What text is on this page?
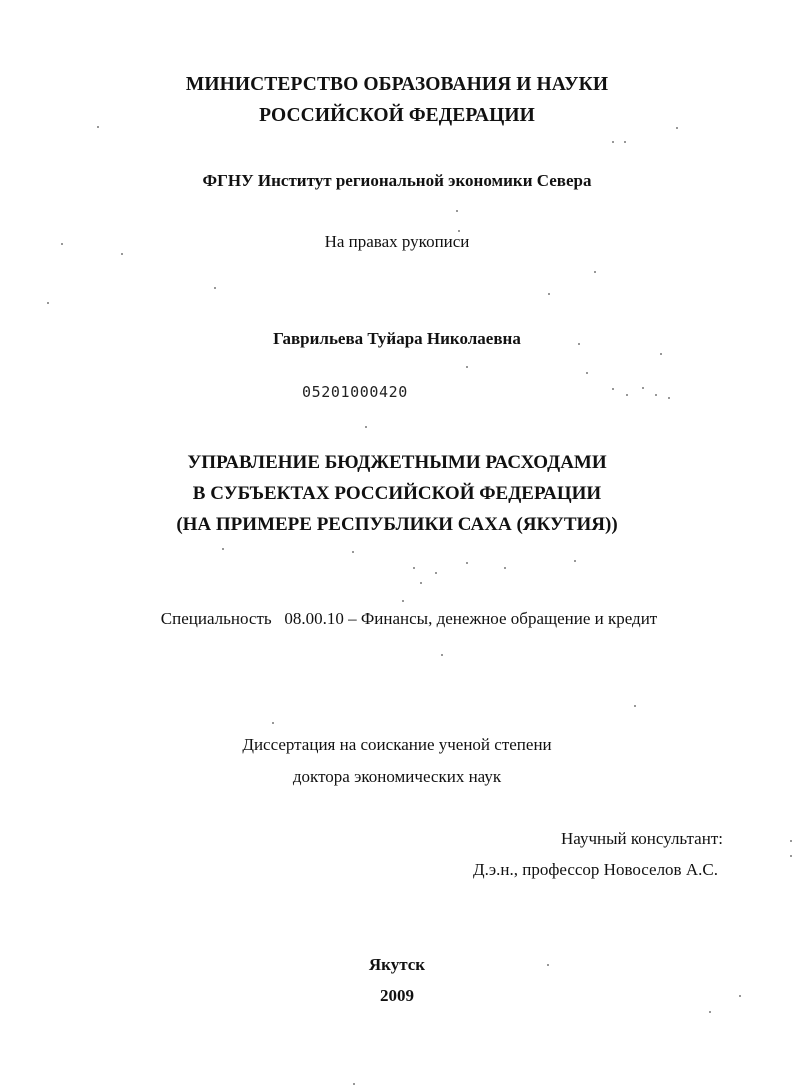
МИНИСТЕРСТВО ОБРАЗОВАНИЯ И НАУКИ
РОССИЙСКОЙ ФЕДЕРАЦИИ
ФГНУ Институт региональной экономики Севера
На правах рукописи
Гаврильева Туйара Николаевна
05201000420
УПРАВЛЕНИЕ БЮДЖЕТНЫМИ РАСХОДАМИ
В СУБЪЕКТАХ РОССИЙСКОЙ ФЕДЕРАЦИИ
(НА ПРИМЕРЕ РЕСПУБЛИКИ САХА (ЯКУТИЯ))
Специальность   08.00.10 – Финансы, денежное обращение и кредит
Диссертация на соискание ученой степени
доктора экономических наук
Научный консультант:
Д.э.н., профессор Новоселов А.С.
Якутск
2009
